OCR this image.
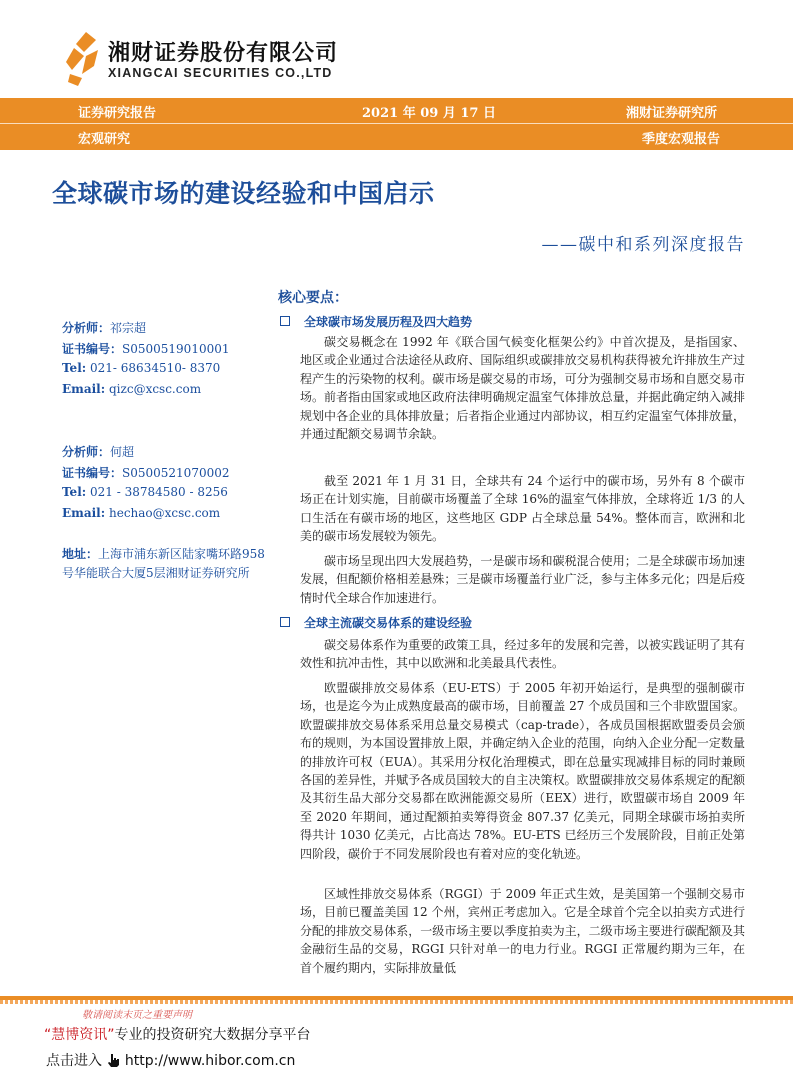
湘财证券股份有限公司
XIANGCAI SECURITIES CO.,LTD
证券研究报告	2021 年 09 月 17 日	湘财证券研究所
宏观研究	季度宏观报告
全球碳市场的建设经验和中国启示
——碳中和系列深度报告
分析师：祁宗超
证书编号：S0500519010001
Tel: 021- 68634510- 8370
Email: qizc@xcsc.com
分析师：何超
证书编号：S0500521070002
Tel: 021 - 38784580 - 8256
Email: hechao@xcsc.com
地址：上海市浦东新区陆家嘴环路958号华能联合大厦5层湘财证券研究所
核心要点：
全球碳市场发展历程及四大趋势
碳交易概念在 1992 年《联合国气候变化框架公约》中首次提及，是指国家、地区或企业通过合法途径从政府、国际组织或碳排放交易机构获得被允许排放生产过程产生的污染物的权利。碳市场是碳交易的市场，可分为强制交易市场和自愿交易市场。前者指由国家或地区政府法律明确规定温室气体排放总量，并据此确定纳入减排规划中各企业的具体排放量；后者指企业通过内部协议，相互约定温室气体排放量，并通过配额交易调节余缺。
截至 2021 年 1 月 31 日，全球共有 24 个运行中的碳市场，另外有 8 个碳市场正在计划实施，目前碳市场覆盖了全球 16%的温室气体排放，全球将近 1/3 的人口生活在有碳市场的地区，这些地区 GDP 占全球总量 54%。整体而言，欧洲和北美的碳市场发展较为领先。
碳市场呈现出四大发展趋势，一是碳市场和碳税混合使用；二是全球碳市场加速发展，但配额价格相差悬殊；三是碳市场覆盖行业广泛，参与主体多元化；四是后疫情时代全球合作加速进行。
全球主流碳交易体系的建设经验
碳交易体系作为重要的政策工具，经过多年的发展和完善，以被实践证明了其有效性和抗冲击性，其中以欧洲和北美最具代表性。
欧盟碳排放交易体系（EU-ETS）于 2005 年初开始运行，是典型的强制碳市场，也是迄今为止成熟度最高的碳市场，目前覆盖 27 个成员国和三个非欧盟国家。欧盟碳排放交易体系采用总量交易模式（cap-trade），各成员国根据欧盟委员会颁布的规则，为本国设置排放上限，并确定纳入企业的范围，向纳入企业分配一定数量的排放许可权（EUA）。其采用分权化治理模式，即在总量实现减排目标的同时兼顾各国的差异性，并赋予各成员国较大的自主决策权。欧盟碳排放交易体系规定的配额及其衍生品大部分交易都在欧洲能源交易所（EEX）进行，欧盟碳市场自 2009 年至 2020 年期间，通过配额拍卖筹得资金 807.37 亿美元，同期全球碳市场拍卖所得共计 1030 亿美元，占比高达 78%。EU-ETS 已经历三个发展阶段，目前正处第四阶段，碳价于不同发展阶段也有着对应的变化轨迹。
区域性排放交易体系（RGGI）于 2009 年正式生效，是美国第一个强制交易市场，目前已覆盖美国 12 个州，宾州正考虑加入。它是全球首个完全以拍卖方式进行分配的排放交易体系，一级市场主要以季度拍卖为主，二级市场主要进行碳配额及其金融衍生品的交易，RGGI 只针对单一的电力行业。RGGI 正常履约期为三年，在首个履约期内，实际排放量低
敬请阅读末页之重要声明
“慧博资讯”专业的投资研究大数据分享平台
点击进入 http://www.hibor.com.cn
